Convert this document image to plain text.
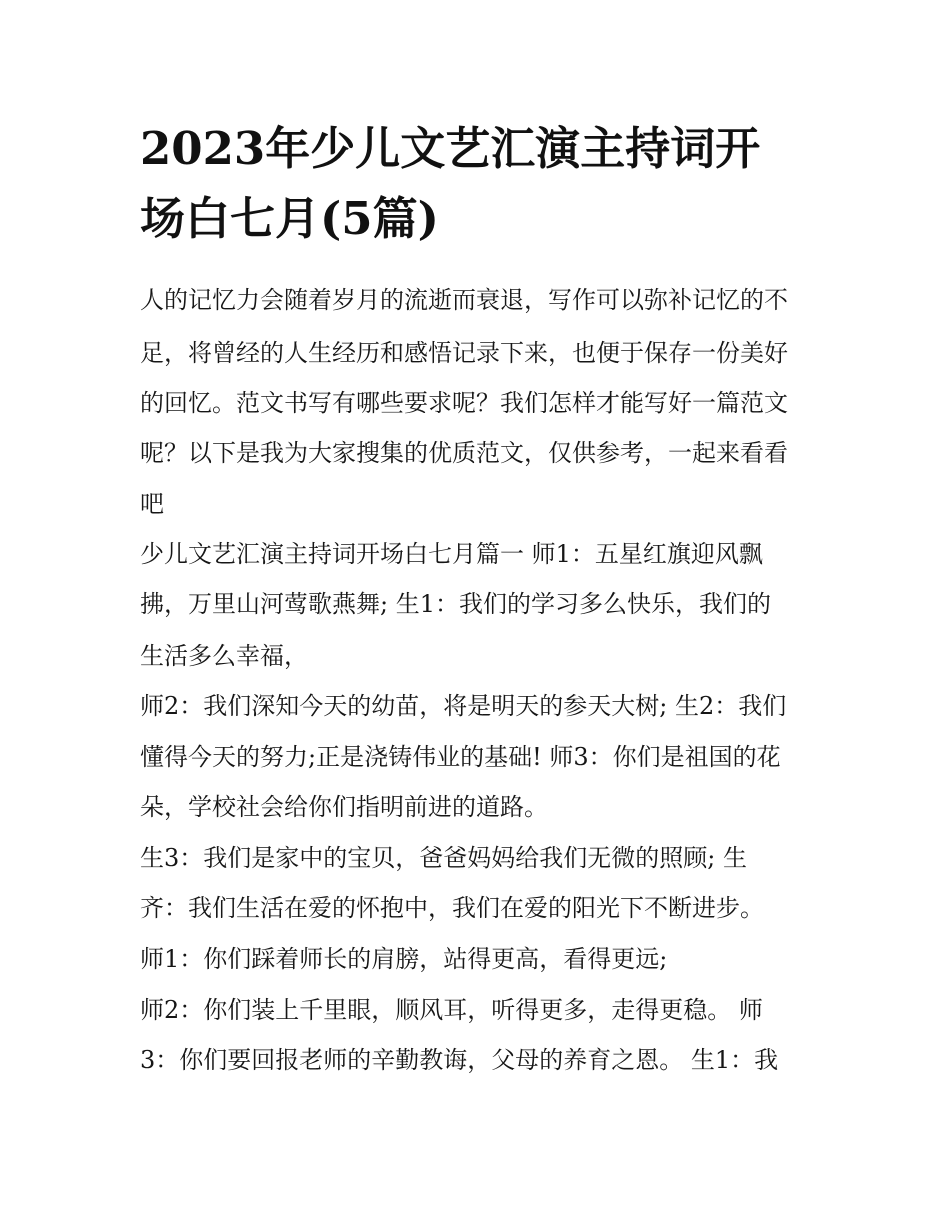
2023年少儿文艺汇演主持词开
场白七月(5篇)

人的记忆力会随着岁月的流逝而衰退，写作可以弥补记忆的不

足，将曾经的人生经历和感悟记录下来，也便于保存一份美好

的回忆。范文书写有哪些要求呢？我们怎样才能写好一篇范文

呢？以下是我为大家搜集的优质范文，仅供参考，一起来看看

吧

少儿文艺汇演主持词开场白七月篇一 师1：五星红旗迎风飘

拂，万里山河莺歌燕舞; 生1：我们的学习多么快乐，我们的

生活多么幸福，

师2：我们深知今天的幼苗，将是明天的参天大树; 生2：我们

懂得今天的努力;正是浇铸伟业的基础! 师3：你们是祖国的花

朵，学校社会给你们指明前进的道路。

生3：我们是家中的宝贝，爸爸妈妈给我们无微的照顾; 生

齐：我们生活在爱的怀抱中，我们在爱的阳光下不断进步。

师1：你们踩着师长的肩膀，站得更高，看得更远;

师2：你们装上千里眼，顺风耳，听得更多，走得更稳。 师

3：你们要回报老师的辛勤教诲，父母的养育之恩。 生1：我
